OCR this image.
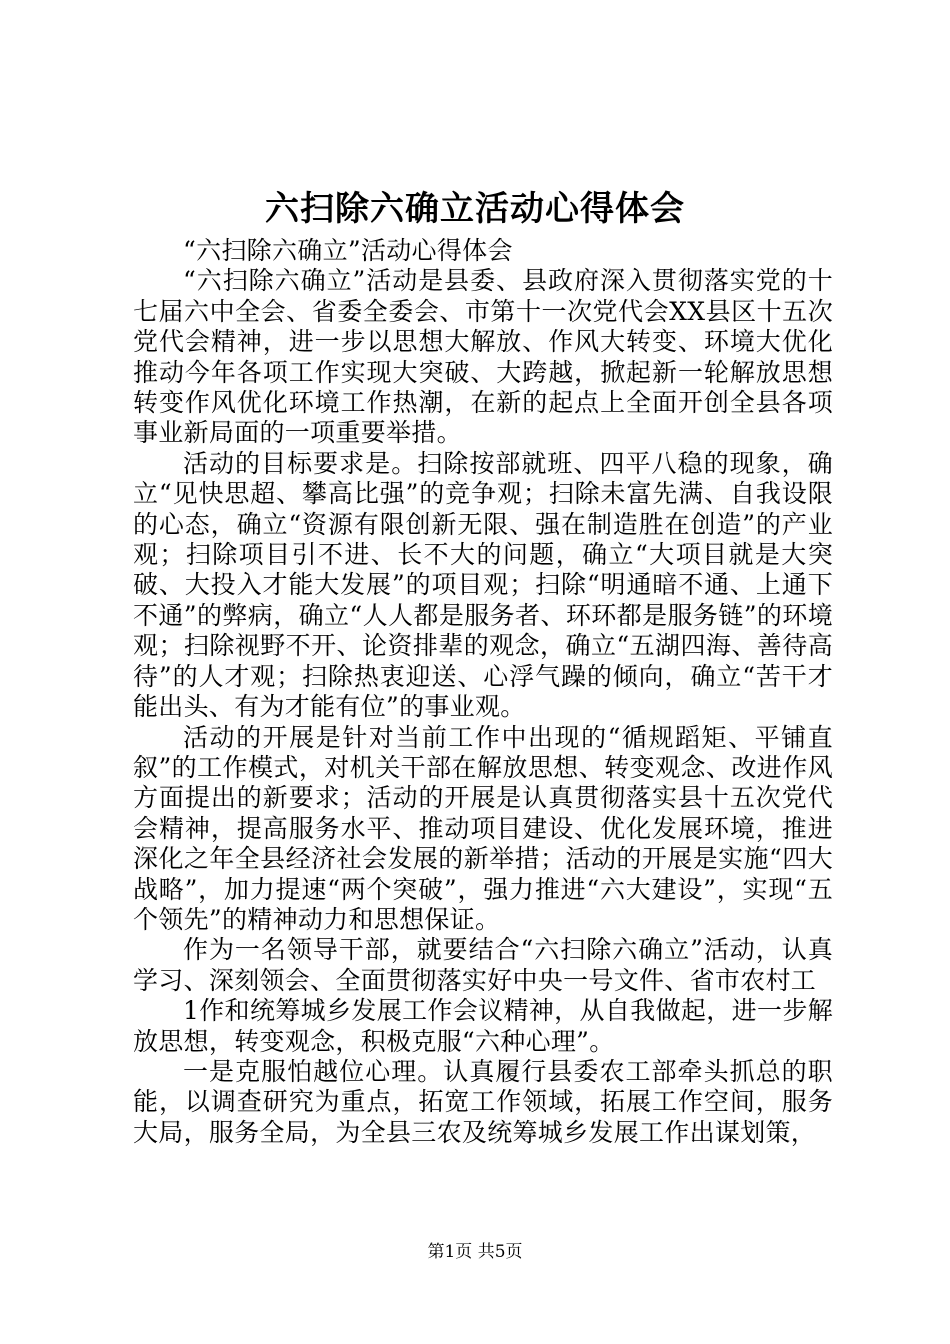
六扫除六确立活动心得体会

“六扫除六确立”活动心得体会

“六扫除六确立”活动是县委、县政府深入贯彻落实党的十七届六中全会、省委全委会、市第十一次党代会XX县区十五次党代会精神，进一步以思想大解放、作风大转变、环境大优化推动今年各项工作实现大突破、大跨越，掀起新一轮解放思想转变作风优化环境工作热潮，在新的起点上全面开创全县各项事业新局面的一项重要举措。

活动的目标要求是。扫除按部就班、四平八稳的现象，确立“见快思超、攀高比强”的竞争观；扫除未富先满、自我设限的心态，确立“资源有限创新无限、强在制造胜在创造”的产业观；扫除项目引不进、长不大的问题，确立“大项目就是大突破、大投入才能大发展”的项目观；扫除“明通暗不通、上通下不通”的弊病，确立“人人都是服务者、环环都是服务链”的环境观；扫除视野不开、论资排辈的观念，确立“五湖四海、善待高待”的人才观；扫除热衷迎送、心浮气躁的倾向，确立“苦干才能出头、有为才能有位”的事业观。

活动的开展是针对当前工作中出现的“循规蹈矩、平铺直叙”的工作模式，对机关干部在解放思想、转变观念、改进作风方面提出的新要求；活动的开展是认真贯彻落实县十五次党代会精神，提高服务水平、推动项目建设、优化发展环境，推进深化之年全县经济社会发展的新举措；活动的开展是实施“四大战略”，加力提速“两个突破”，强力推进“六大建设”，实现“五个领先”的精神动力和思想保证。

作为一名领导干部，就要结合“六扫除六确立”活动，认真学习、深刻领会、全面贯彻落实好中央一号文件、省市农村工

1作和统筹城乡发展工作会议精神，从自我做起，进一步解放思想，转变观念，积极克服“六种心理”。

一是克服怕越位心理。认真履行县委农工部牵头抓总的职能，以调查研究为重点，拓宽工作领域，拓展工作空间，服务大局，服务全局，为全县三农及统筹城乡发展工作出谋划策，

第1页 共5页
